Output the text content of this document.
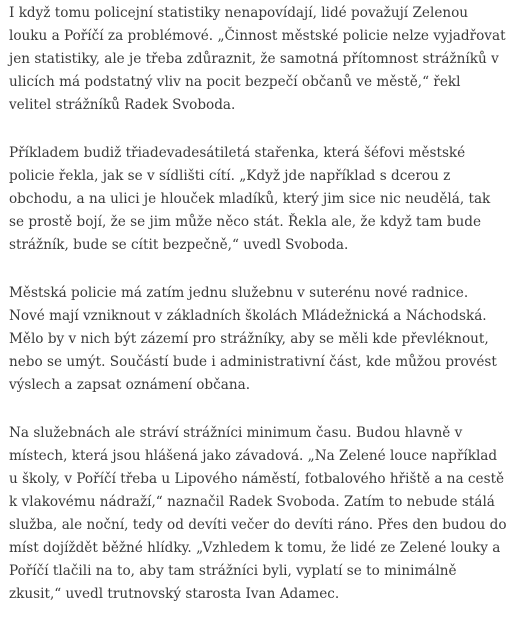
I když tomu policejní statistiky nenapovídají, lidé považují Zelenou louku a Poříčí za problémové. „Činnost městské policie nelze vyjadřovat jen statistiky, ale je třeba zdůraznit, že samotná přítomnost strážníků v ulicích má podstatný vliv na pocit bezpečí občanů ve městě,“ řekl velitel strážníků Radek Svoboda.

Příkladem budiž třiadevadesátiletá stařenka, která šéfovi městské policie řekla, jak se v sídlišti cítí. „Když jde například s dcerou z obchodu, a na ulici je hlouček mladíků, který jim sice nic neudělá, tak se prostě bojí, že se jim může něco stát. Řekla ale, že když tam bude strážník, bude se cítit bezpečně,“ uvedl Svoboda.

Městská policie má zatím jednu služebnu v suterénu nové radnice. Nové mají vzniknout v základních školách Mládežnická a Náchodská. Mělo by v nich být zázemí pro strážníky, aby se měli kde převléknout, nebo se umýt. Součástí bude i administrativní část, kde můžou provést výslech a zapsat oznámení občana.

Na služebnách ale stráví strážníci minimum času. Budou hlavně v místech, která jsou hlášená jako závadová. „Na Zelené louce například u školy, v Poříčí třeba u Lipového náměstí, fotbalového hřiště a na cestě k vlakovému nádraží,“ naznačil Radek Svoboda. Zatím to nebude stálá služba, ale noční, tedy od devíti večer do devíti ráno. Přes den budou do míst dojíždět běžné hlídky. „Vzhledem k tomu, že lidé ze Zelené louky a Poříčí tlačili na to, aby tam strážníci byli, vyplatí se to minimálně zkusit,“ uvedl trutnovský starosta Ivan Adamec.
